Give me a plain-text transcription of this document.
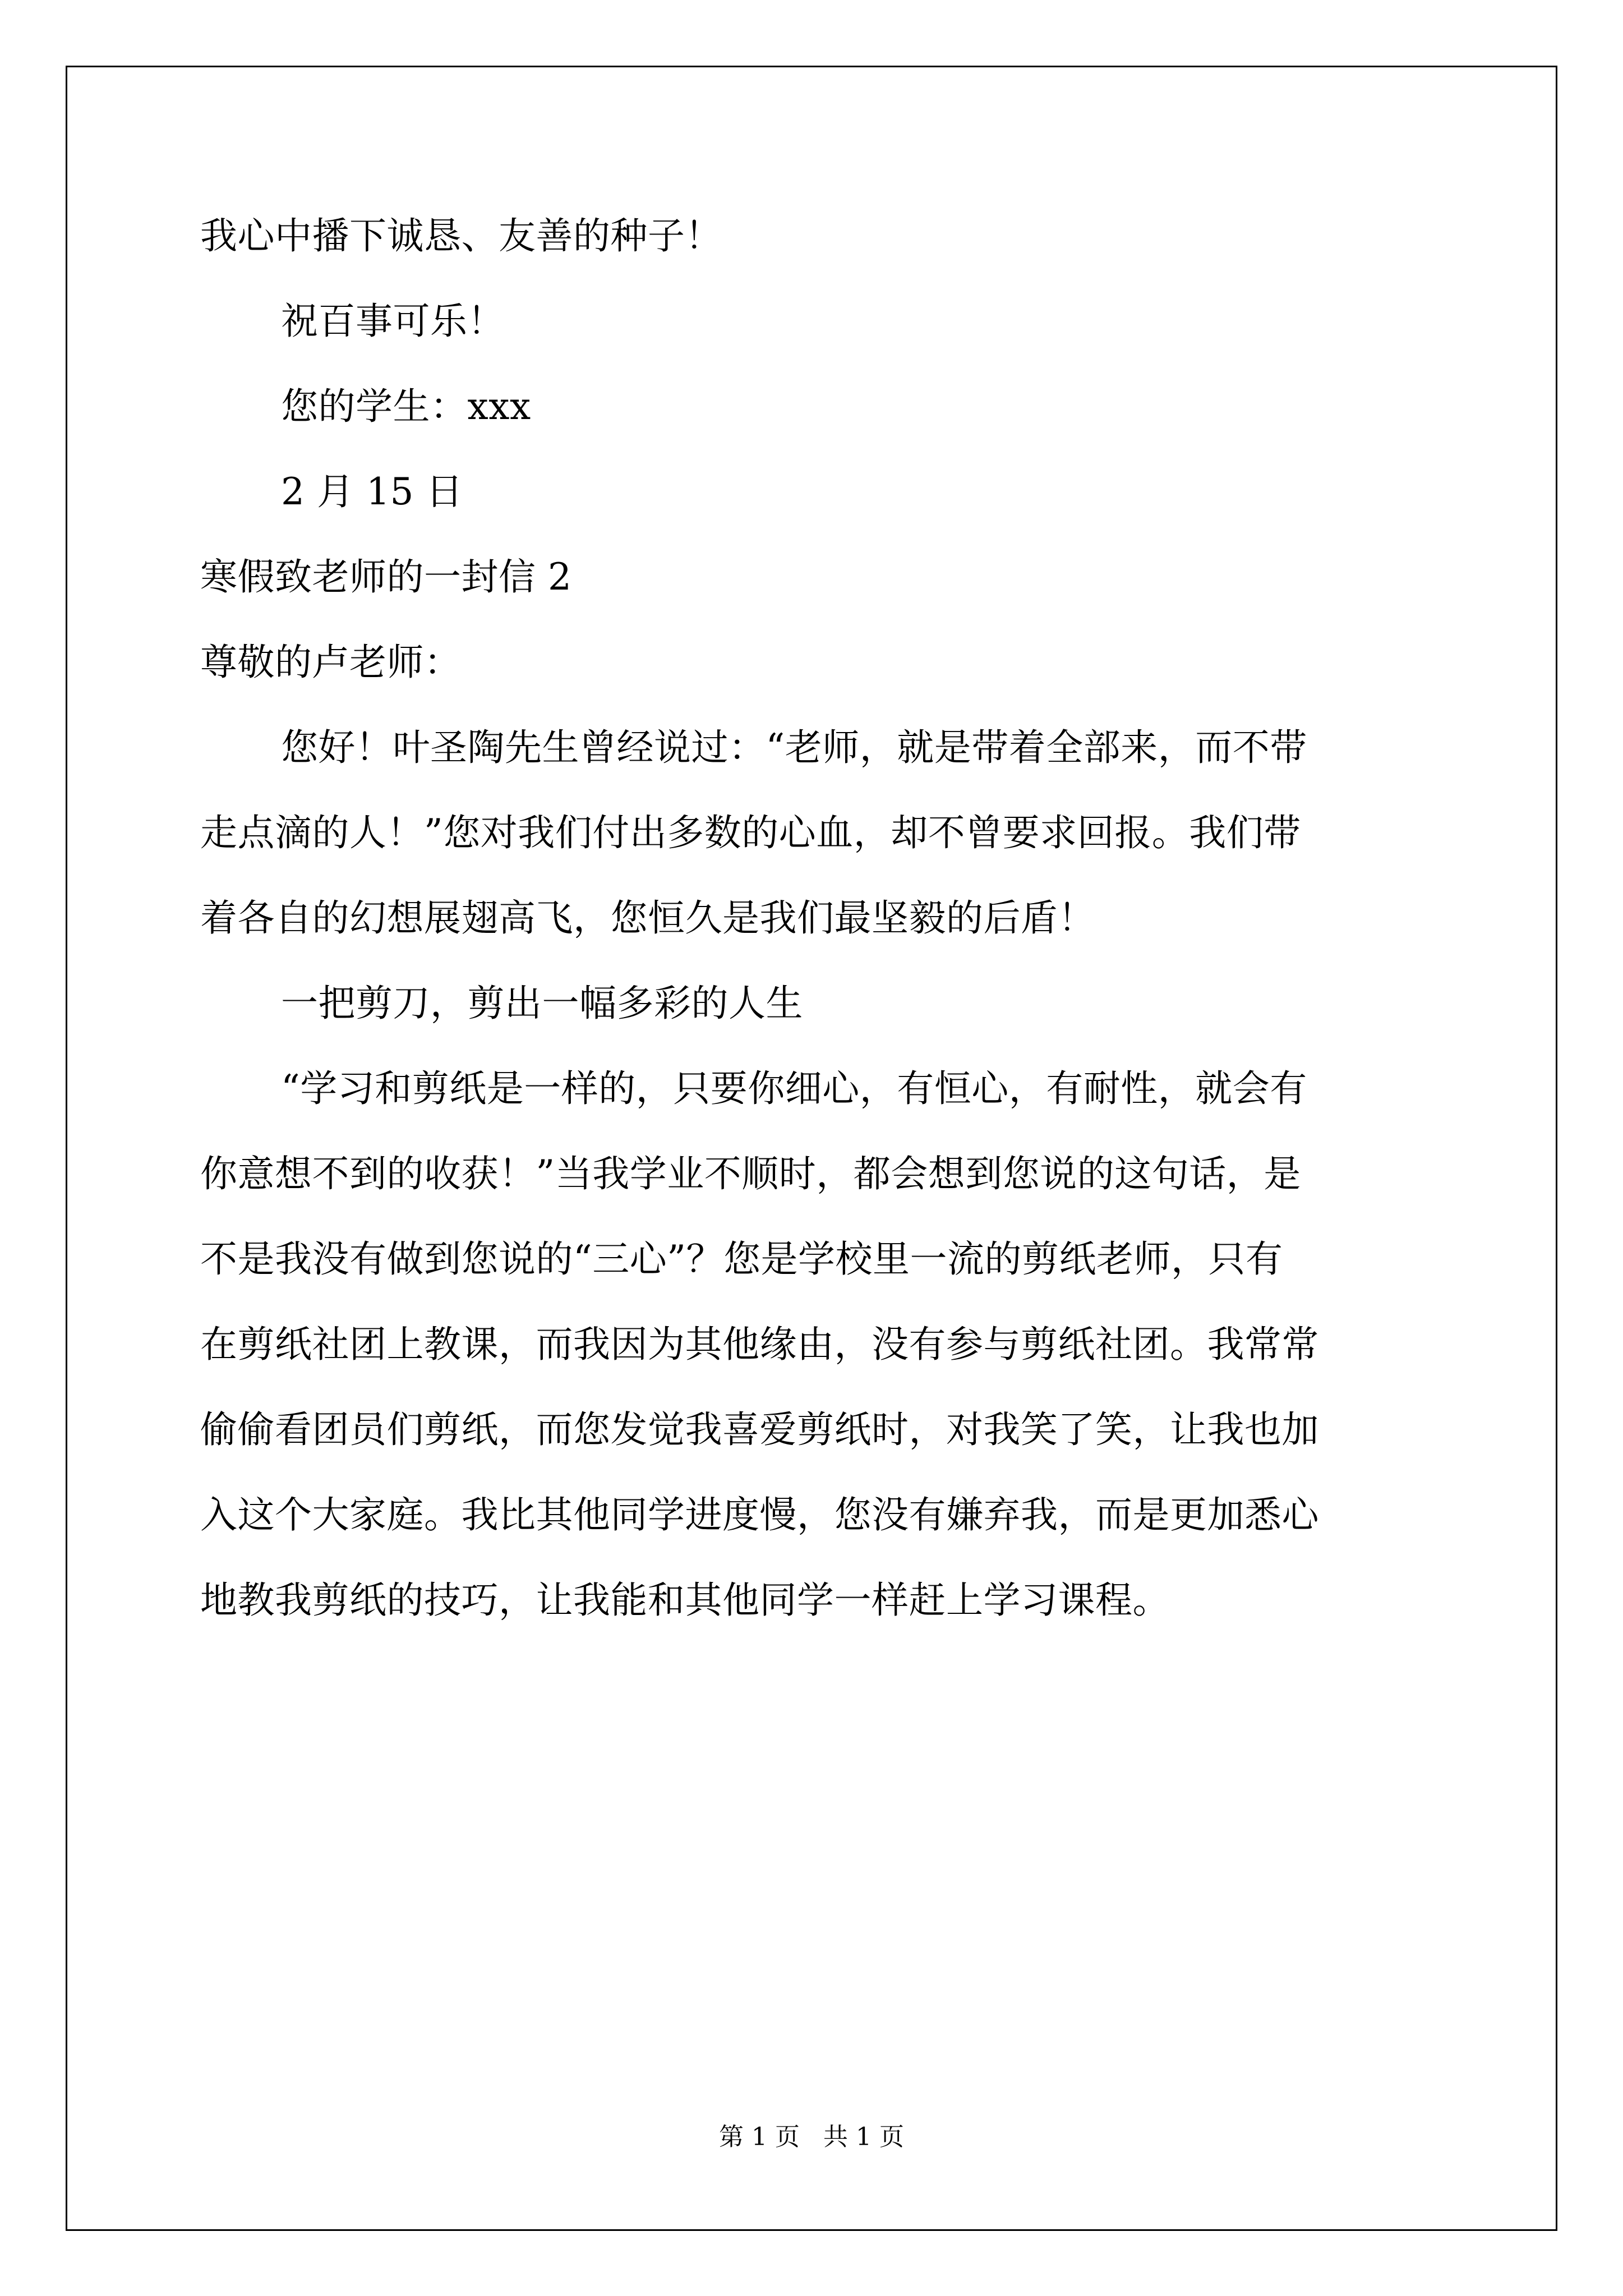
我心中播下诚恳、友善的种子！
祝百事可乐！
您的学生：xxx
2 月 15 日
寒假致老师的一封信 2
尊敬的卢老师：
您好！叶圣陶先生曾经说过：“老师，就是带着全部来，而不带
走点滴的人！”您对我们付出多数的心血，却不曾要求回报。我们带
着各自的幻想展翅高飞，您恒久是我们最坚毅的后盾！
一把剪刀，剪出一幅多彩的人生
“学习和剪纸是一样的，只要你细心，有恒心，有耐性，就会有
你意想不到的收获！”当我学业不顺时，都会想到您说的这句话，是
不是我没有做到您说的“三心”？您是学校里一流的剪纸老师，只有
在剪纸社团上教课，而我因为其他缘由，没有参与剪纸社团。我常常
偷偷看团员们剪纸，而您发觉我喜爱剪纸时，对我笑了笑，让我也加
入这个大家庭。我比其他同学进度慢，您没有嫌弃我，而是更加悉心
地教我剪纸的技巧，让我能和其他同学一样赶上学习课程。
第 1 页   共 1 页
